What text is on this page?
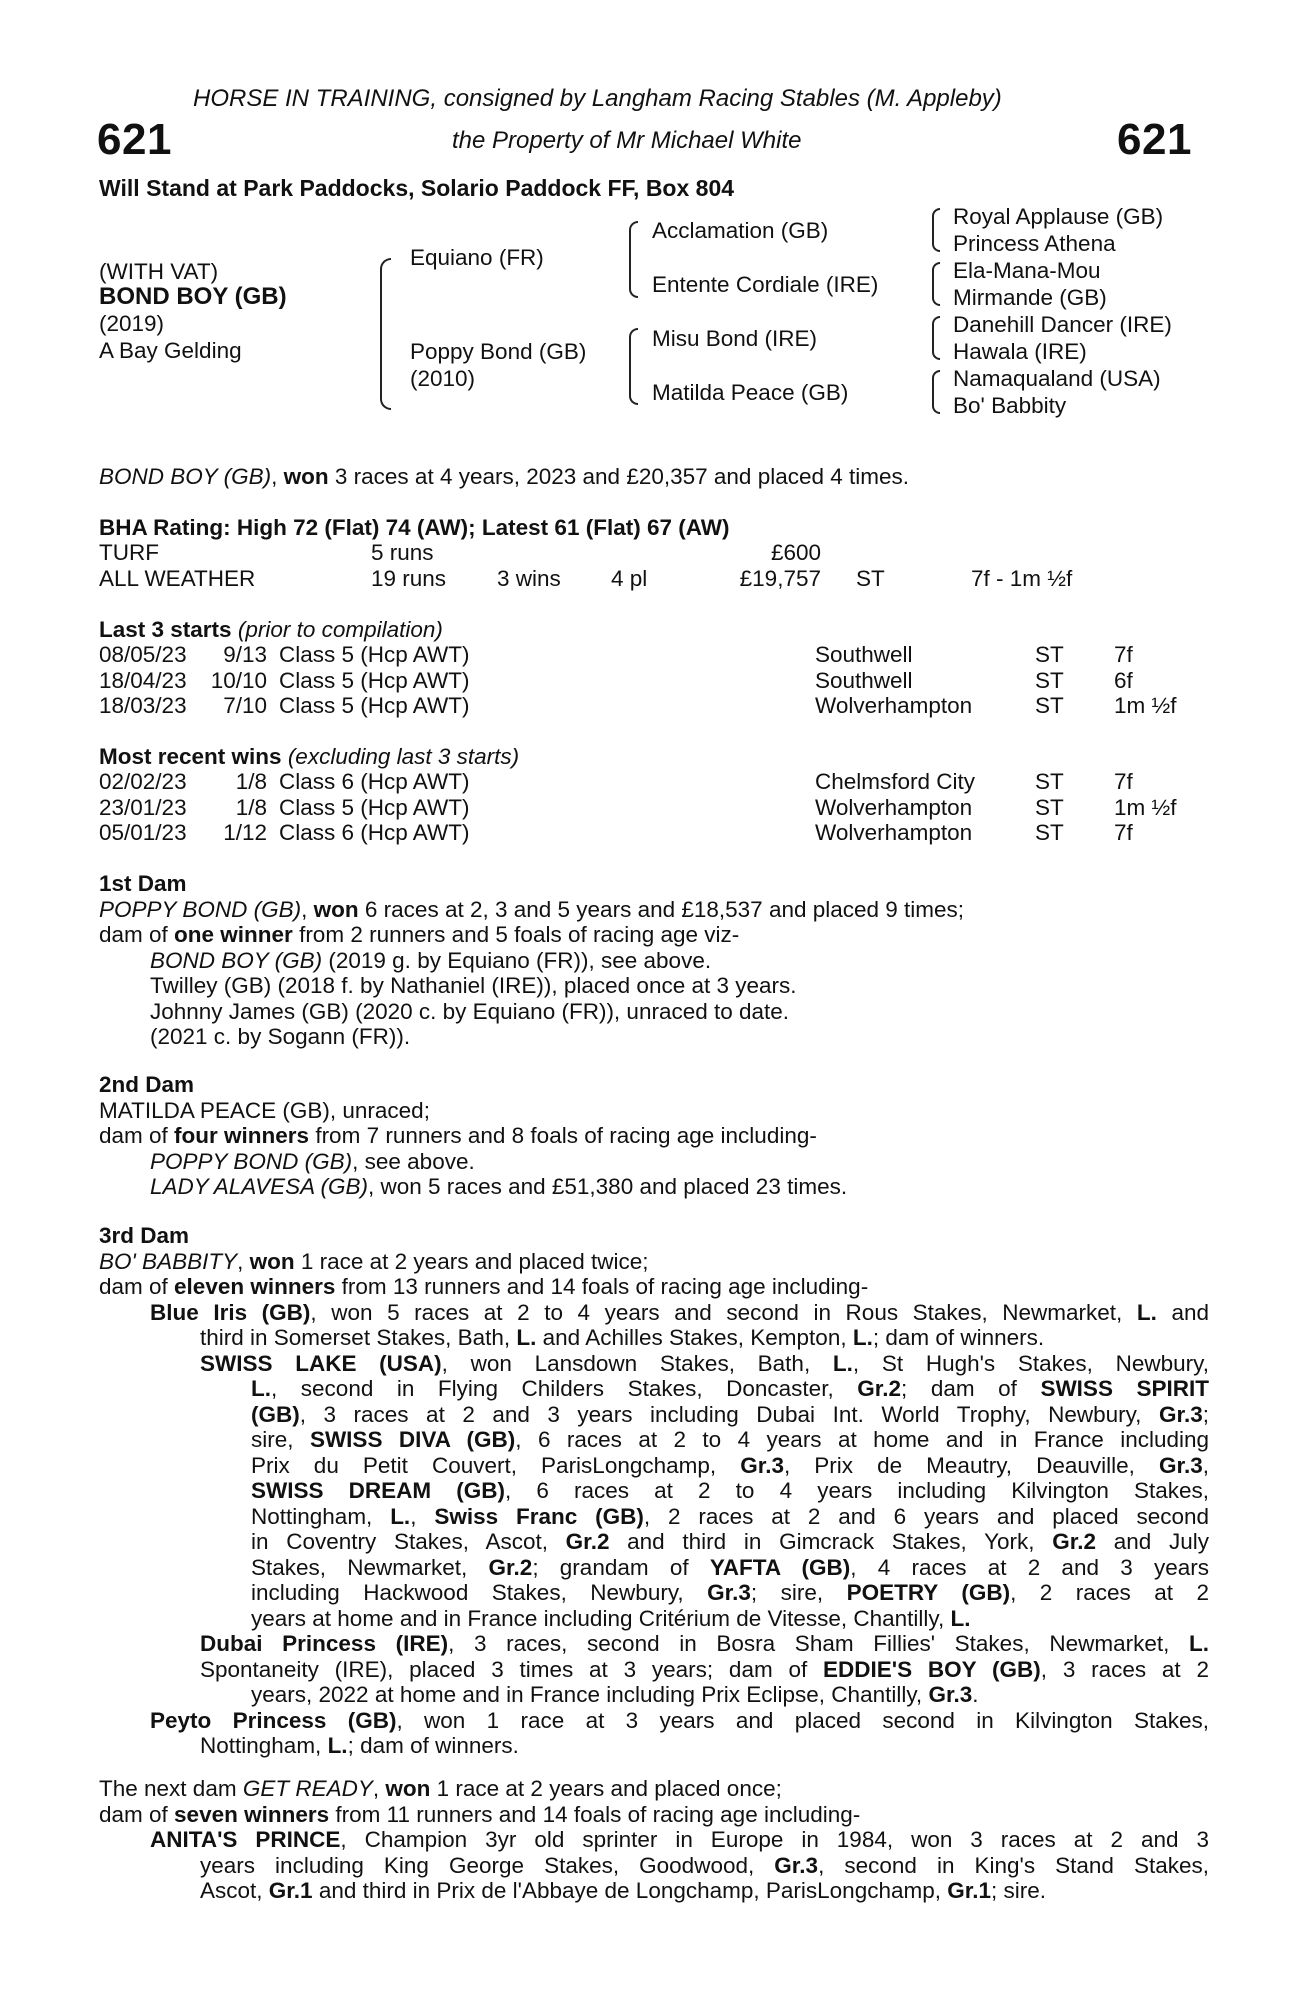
HORSE IN TRAINING, consigned by Langham Racing Stables (M. Appleby)
621	the Property of Mr Michael White	621
Will Stand at Park Paddocks, Solario Paddock FF, Box 804
(WITH VAT)
BOND BOY (GB)
(2019)
A Bay Gelding
Equiano (FR)
Poppy Bond (GB)
(2010)
Acclamation (GB)
Entente Cordiale (IRE)
Misu Bond (IRE)
Matilda Peace (GB)
Royal Applause (GB)
Princess Athena
Ela-Mana-Mou
Mirmande (GB)
Danehill Dancer (IRE)
Hawala (IRE)
Namaqualand (USA)
Bo' Babbity
BOND BOY (GB), won 3 races at 4 years, 2023 and £20,357 and placed 4 times.
BHA Rating: High 72 (Flat) 74 (AW); Latest 61 (Flat) 67 (AW)
TURF	5 runs			£600		
ALL WEATHER	19 runs	3 wins	4 pl	£19,757	ST	7f - 1m ½f
Last 3 starts (prior to compilation)
08/05/23	9/13	Class 5 (Hcp AWT)	Southwell	ST	7f
18/04/23	10/10	Class 5 (Hcp AWT)	Southwell	ST	6f
18/03/23	7/10	Class 5 (Hcp AWT)	Wolverhampton	ST	1m ½f
Most recent wins (excluding last 3 starts)
02/02/23	1/8	Class 6 (Hcp AWT)	Chelmsford City	ST	7f
23/01/23	1/8	Class 5 (Hcp AWT)	Wolverhampton	ST	1m ½f
05/01/23	1/12	Class 6 (Hcp AWT)	Wolverhampton	ST	7f
1st Dam
POPPY BOND (GB), won 6 races at 2, 3 and 5 years and £18,537 and placed 9 times;
dam of one winner from 2 runners and 5 foals of racing age viz-
BOND BOY (GB) (2019 g. by Equiano (FR)), see above.
Twilley (GB) (2018 f. by Nathaniel (IRE)), placed once at 3 years.
Johnny James (GB) (2020 c. by Equiano (FR)), unraced to date.
(2021 c. by Sogann (FR)).
2nd Dam
MATILDA PEACE (GB), unraced;
dam of four winners from 7 runners and 8 foals of racing age including-
POPPY BOND (GB), see above.
LADY ALAVESA (GB), won 5 races and £51,380 and placed 23 times.
3rd Dam
BO' BABBITY, won 1 race at 2 years and placed twice;
dam of eleven winners from 13 runners and 14 foals of racing age including-
Blue Iris (GB), won 5 races at 2 to 4 years and second in Rous Stakes, Newmarket, L. and
third in Somerset Stakes, Bath, L. and Achilles Stakes, Kempton, L.; dam of winners.
SWISS LAKE (USA), won Lansdown Stakes, Bath, L., St Hugh's Stakes, Newbury,
L., second in Flying Childers Stakes, Doncaster, Gr.2; dam of SWISS SPIRIT
(GB), 3 races at 2 and 3 years including Dubai Int. World Trophy, Newbury, Gr.3;
sire, SWISS DIVA (GB), 6 races at 2 to 4 years at home and in France including
Prix du Petit Couvert, ParisLongchamp, Gr.3, Prix de Meautry, Deauville, Gr.3,
SWISS DREAM (GB), 6 races at 2 to 4 years including Kilvington Stakes,
Nottingham, L., Swiss Franc (GB), 2 races at 2 and 6 years and placed second
in Coventry Stakes, Ascot, Gr.2 and third in Gimcrack Stakes, York, Gr.2 and July
Stakes, Newmarket, Gr.2; grandam of YAFTA (GB), 4 races at 2 and 3 years
including Hackwood Stakes, Newbury, Gr.3; sire, POETRY (GB), 2 races at 2
years at home and in France including Critérium de Vitesse, Chantilly, L.
Dubai Princess (IRE), 3 races, second in Bosra Sham Fillies' Stakes, Newmarket, L.
Spontaneity (IRE), placed 3 times at 3 years; dam of EDDIE'S BOY (GB), 3 races at 2
years, 2022 at home and in France including Prix Eclipse, Chantilly, Gr.3.
Peyto Princess (GB), won 1 race at 3 years and placed second in Kilvington Stakes,
Nottingham, L.; dam of winners.
The next dam GET READY, won 1 race at 2 years and placed once;
dam of seven winners from 11 runners and 14 foals of racing age including-
ANITA'S PRINCE, Champion 3yr old sprinter in Europe in 1984, won 3 races at 2 and 3
years including King George Stakes, Goodwood, Gr.3, second in King's Stand Stakes,
Ascot, Gr.1 and third in Prix de l'Abbaye de Longchamp, ParisLongchamp, Gr.1; sire.
